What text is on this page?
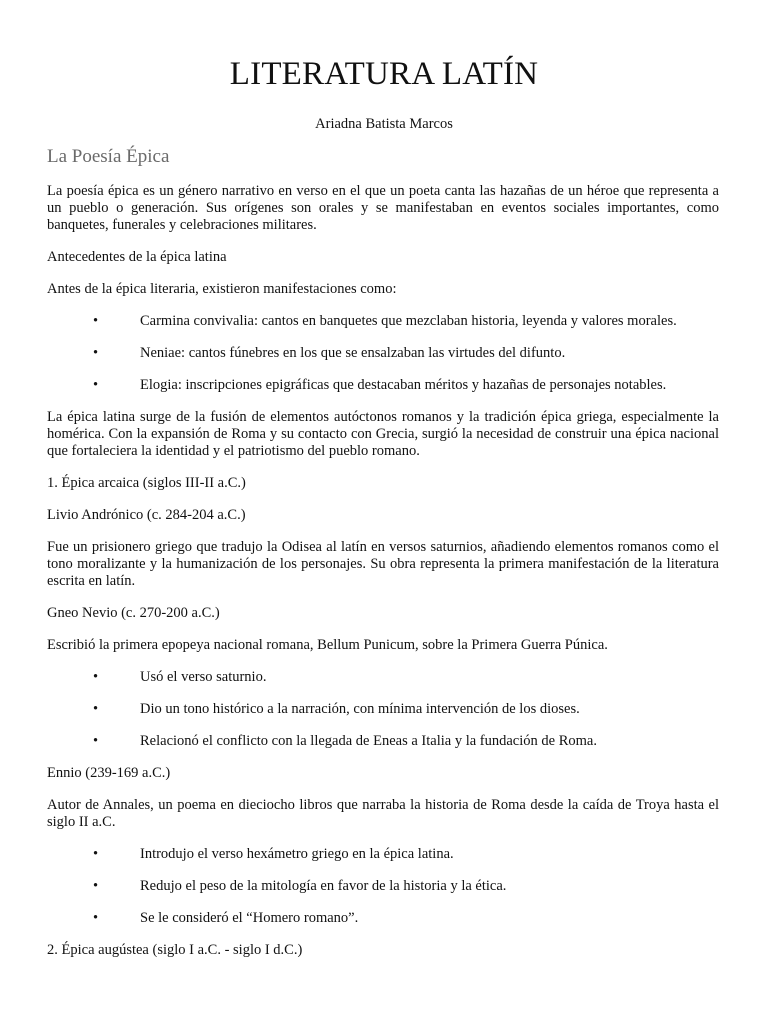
LITERATURA LATÍN

Ariadna Batista Marcos

La Poesía Épica

La poesía épica es un género narrativo en verso en el que un poeta canta las hazañas de un héroe que representa a un pueblo o generación. Sus orígenes son orales y se manifestaban en eventos sociales importantes, como banquetes, funerales y celebraciones militares.

Antecedentes de la épica latina

Antes de la épica literaria, existieron manifestaciones como:

•	Carmina convivalia: cantos en banquetes que mezclaban historia, leyenda y valores morales.
•	Neniae: cantos fúnebres en los que se ensalzaban las virtudes del difunto.
•	Elogia: inscripciones epigráficas que destacaban méritos y hazañas de personajes notables.

La épica latina surge de la fusión de elementos autóctonos romanos y la tradición épica griega, especialmente la homérica. Con la expansión de Roma y su contacto con Grecia, surgió la necesidad de construir una épica nacional que fortaleciera la identidad y el patriotismo del pueblo romano.

1. Épica arcaica (siglos III-II a.C.)

Livio Andrónico (c. 284-204 a.C.)

Fue un prisionero griego que tradujo la Odisea al latín en versos saturnios, añadiendo elementos romanos como el tono moralizante y la humanización de los personajes. Su obra representa la primera manifestación de la literatura escrita en latín.

Gneo Nevio (c. 270-200 a.C.)

Escribió la primera epopeya nacional romana, Bellum Punicum, sobre la Primera Guerra Púnica.

•	Usó el verso saturnio.
•	Dio un tono histórico a la narración, con mínima intervención de los dioses.
•	Relacionó el conflicto con la llegada de Eneas a Italia y la fundación de Roma.

Ennio (239-169 a.C.)

Autor de Annales, un poema en dieciocho libros que narraba la historia de Roma desde la caída de Troya hasta el siglo II a.C.

•	Introdujo el verso hexámetro griego en la épica latina.
•	Redujo el peso de la mitología en favor de la historia y la ética.
•	Se le consideró el “Homero romano”.

2. Épica augústea (siglo I a.C. - siglo I d.C.)
